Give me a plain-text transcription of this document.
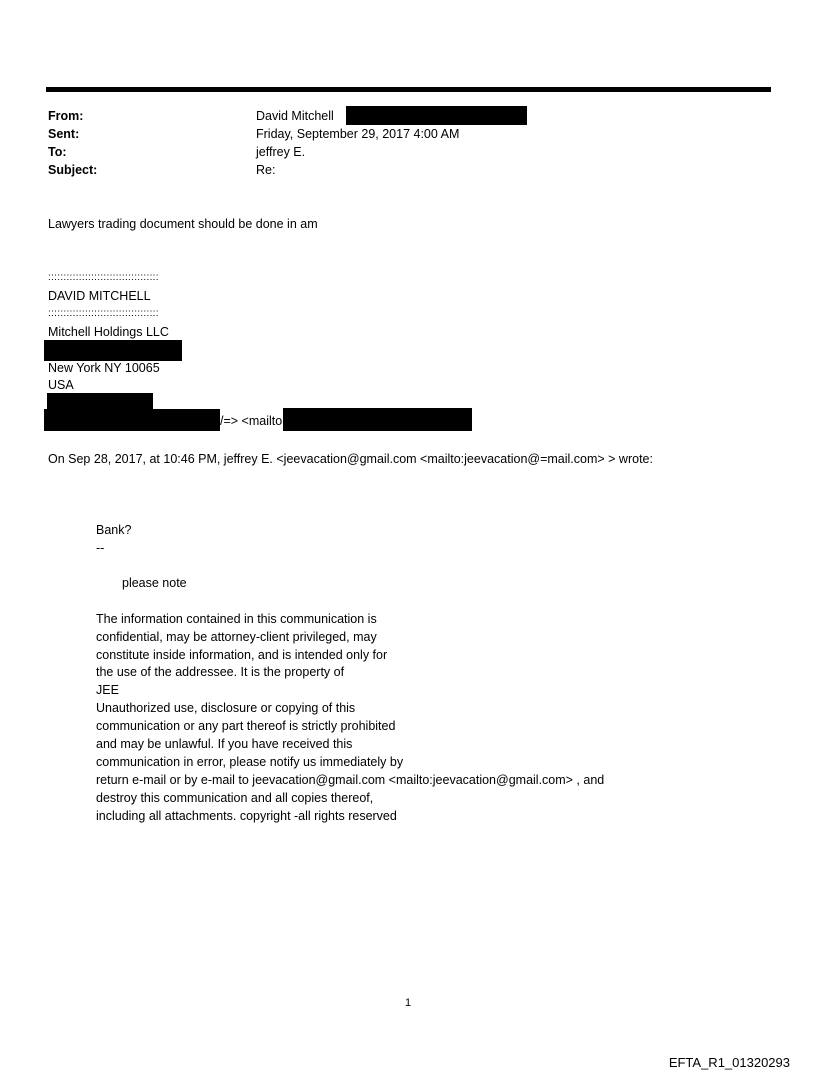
From:	David Mitchell
Sent:	Friday, September 29, 2017 4:00 AM
To:	jeffrey E.
Subject:	Re:
Lawyers trading document should be done in am
::::::::::::::::::::::::::::::::::::
DAVID MITCHELL
::::::::::::::::::::::::::::::::::::
Mitchell Holdings LLC
New York NY 10065
USA
/=> <mailto
On Sep 28, 2017, at 10:46 PM, jeffrey E. <jeevacation@gmail.com <mailto:jeevacation@=mail.com> > wrote:
Bank?
--
please note
The information contained in this communication is
confidential, may be attorney-client privileged, may
constitute inside information, and is intended only for
the use of the addressee. It is the property of
JEE
Unauthorized use, disclosure or copying of this
communication or any part thereof is strictly prohibited
and may be unlawful. If you have received this
communication in error, please notify us immediately by
return e-mail or by e-mail to jeevacation@gmail.com <mailto:jeevacation@gmail.com> , and
destroy this communication and all copies thereof,
including all attachments. copyright -all rights reserved
1
EFTA_R1_01320293
